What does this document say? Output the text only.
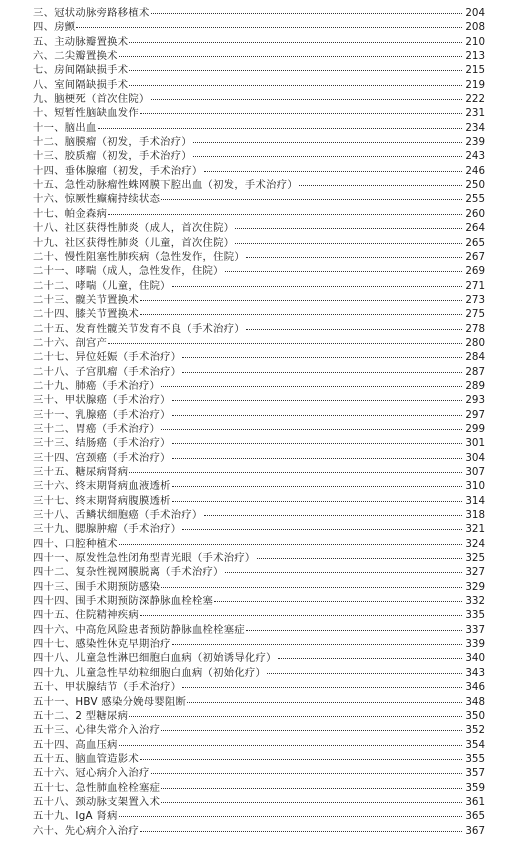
三、冠状动脉旁路移植术	204
四、房颤	208
五、主动脉瓣置换术	210
六、二尖瓣置换术	213
七、房间隔缺损手术	215
八、室间隔缺损手术	219
九、脑梗死（首次住院）	222
十、短暂性脑缺血发作	231
十一、脑出血	234
十二、脑膜瘤（初发，手术治疗）	239
十三、胶质瘤（初发，手术治疗）	243
十四、垂体腺瘤（初发，手术治疗）	246
十五、急性动脉瘤性蛛网膜下腔出血（初发，手术治疗）	250
十六、惊厥性癫痫持续状态	255
十七、帕金森病	260
十八、社区获得性肺炎（成人，首次住院）	264
十九、社区获得性肺炎（儿童，首次住院）	265
二十、慢性阻塞性肺疾病（急性发作，住院）	267
二十一、哮喘（成人，急性发作，住院）	269
二十二、哮喘（儿童，住院）	271
二十三、髋关节置换术	273
二十四、膝关节置换术	275
二十五、发育性髋关节发育不良（手术治疗）	278
二十六、剖宫产	280
二十七、异位妊娠（手术治疗）	284
二十八、子宫肌瘤（手术治疗）	287
二十九、肺癌（手术治疗）	289
三十、甲状腺癌（手术治疗）	293
三十一、乳腺癌（手术治疗）	297
三十二、胃癌（手术治疗）	299
三十三、结肠癌（手术治疗）	301
三十四、宫颈癌（手术治疗）	304
三十五、糖尿病肾病	307
三十六、终末期肾病血液透析	310
三十七、终末期肾病腹膜透析	314
三十八、舌鳞状细胞癌（手术治疗）	318
三十九、腮腺肿瘤（手术治疗）	321
四十、口腔种植术	324
四十一、原发性急性闭角型青光眼（手术治疗）	325
四十二、复杂性视网膜脱离（手术治疗）	327
四十三、围手术期预防感染	329
四十四、围手术期预防深静脉血栓栓塞	332
四十五、住院精神疾病	335
四十六、中高危风险患者预防静脉血栓栓塞症	337
四十七、感染性休克早期治疗	339
四十八、儿童急性淋巴细胞白血病（初始诱导化疗）	340
四十九、儿童急性早幼粒细胞白血病（初始化疗）	343
五十、甲状腺结节（手术治疗）	346
五十一、HBV 感染分娩母婴阻断	348
五十二、2 型糖尿病	350
五十三、心律失常介入治疗	352
五十四、高血压病	354
五十五、脑血管造影术	355
五十六、冠心病介入治疗	357
五十七、急性肺血栓栓塞症	359
五十八、颈动脉支架置入术	361
五十九、IgA 肾病	365
六十、先心病介入治疗	367
